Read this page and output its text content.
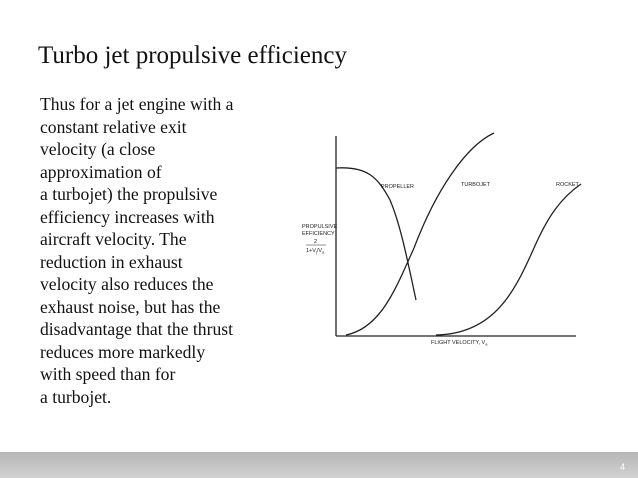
Turbo jet propulsive efficiency
Thus for a jet engine with a
constant relative exit
velocity (a close
approximation of
a turbojet) the propulsive
efficiency increases with
aircraft velocity. The
reduction in exhaust
velocity also reduces the
exhaust noise, but has the
disadvantage that the thrust
reduces more markedly
with speed than for
a turbojet.
PROPELLER	TURBOJET	ROCKET
PROPULSIVE
EFFICIENCY
2
$1+V_j/V_a$
FLIGHT VELOCITY, $V_a$
4
